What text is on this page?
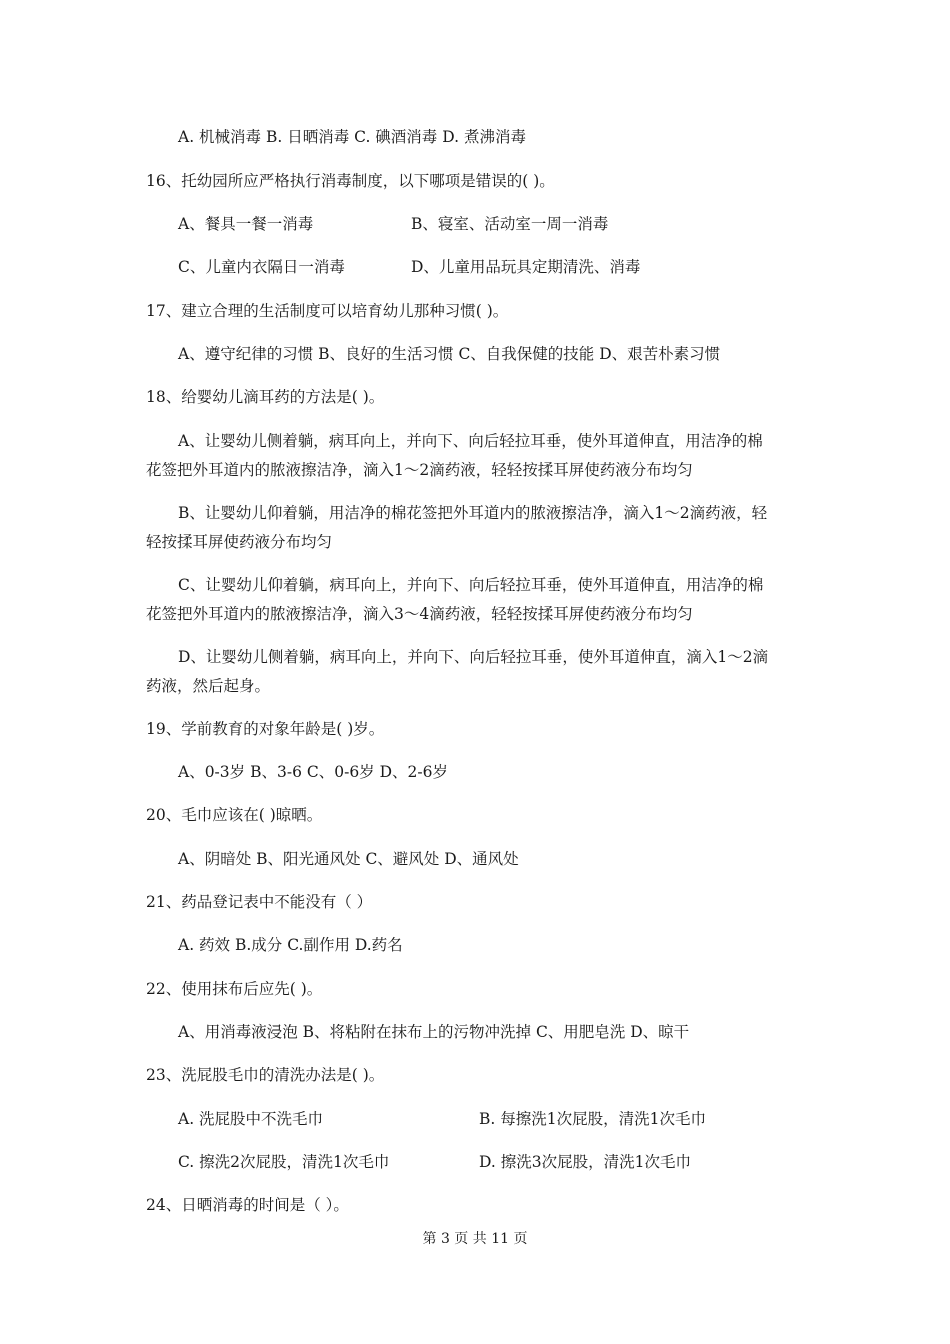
A. 机械消毒 B. 日晒消毒 C. 碘酒消毒 D. 煮沸消毒
16、托幼园所应严格执行消毒制度，以下哪项是错误的( )。
A、餐具一餐一消毒	B、寝室、活动室一周一消毒
C、儿童内衣隔日一消毒	D、儿童用品玩具定期清洗、消毒
17、建立合理的生活制度可以培育幼儿那种习惯( )。
A、遵守纪律的习惯 B、良好的生活习惯 C、自我保健的技能 D、艰苦朴素习惯
18、给婴幼儿滴耳药的方法是( )。
A、让婴幼儿侧着躺，病耳向上，并向下、向后轻拉耳垂，使外耳道伸直，用洁净的棉
花签把外耳道内的脓液擦洁净，滴入1～2滴药液，轻轻按揉耳屏使药液分布均匀
B、让婴幼儿仰着躺，用洁净的棉花签把外耳道内的脓液擦洁净，滴入1～2滴药液，轻
轻按揉耳屏使药液分布均匀
C、让婴幼儿仰着躺，病耳向上，并向下、向后轻拉耳垂，使外耳道伸直，用洁净的棉
花签把外耳道内的脓液擦洁净，滴入3～4滴药液，轻轻按揉耳屏使药液分布均匀
D、让婴幼儿侧着躺，病耳向上，并向下、向后轻拉耳垂，使外耳道伸直，滴入1～2滴
药液，然后起身。
19、学前教育的对象年龄是( )岁。
A、0-3岁 B、3-6 C、0-6岁 D、2-6岁
20、毛巾应该在( )晾晒。
A、阴暗处 B、阳光通风处 C、避风处 D、通风处
21、药品登记表中不能没有（ ）
A. 药效 B.成分 C.副作用 D.药名
22、使用抹布后应先( )。
A、用消毒液浸泡 B、将粘附在抹布上的污物冲洗掉 C、用肥皂洗 D、晾干
23、洗屁股毛巾的清洗办法是( )。
A. 洗屁股中不洗毛巾	B. 每擦洗1次屁股，清洗1次毛巾
C. 擦洗2次屁股，清洗1次毛巾	D. 擦洗3次屁股，清洗1次毛巾
24、日晒消毒的时间是（ ）。
第 3 页 共 11 页
